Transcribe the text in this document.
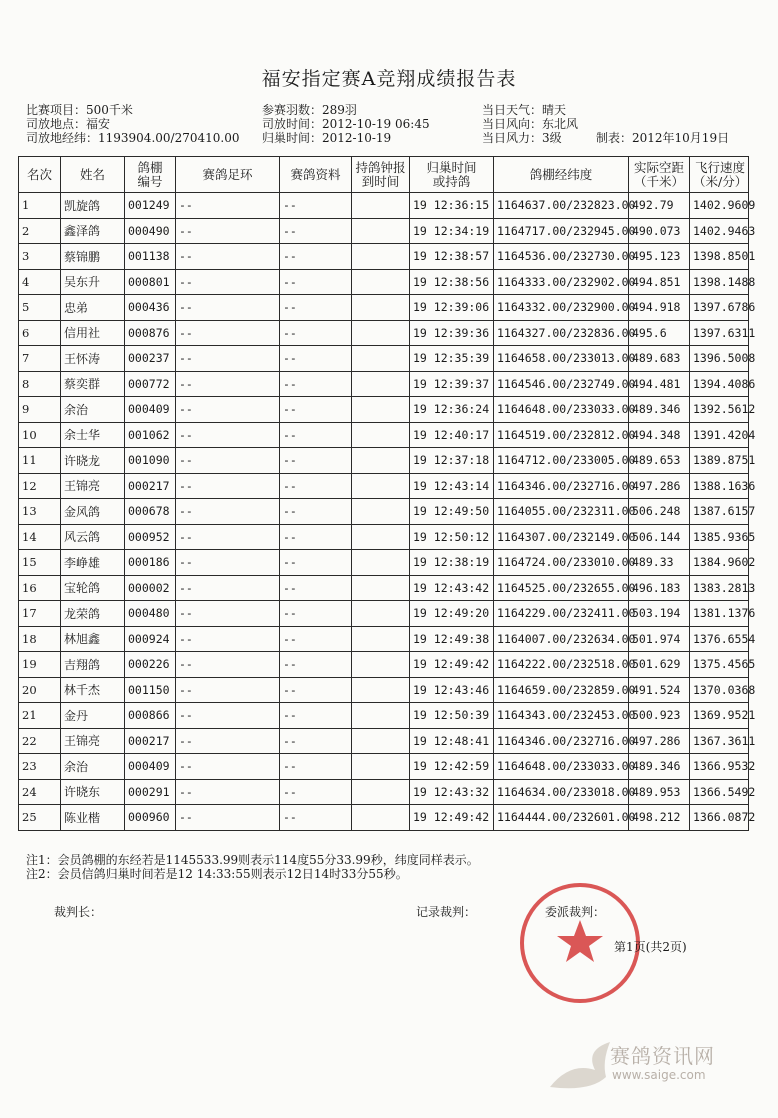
福安指定赛A竞翔成绩报告表
比赛项目：500千米
司放地点：福安
司放地经纬：1193904.00/270410.00
参赛羽数：289羽
司放时间：2012-10-19 06:45
归巢时间：2012-10-19
当日天气：晴天
当日风向：东北风
当日风力：3级	制表：2012年10月19日
名次	姓名	鸽棚编号	赛鸽足环	赛鸽资料	持鸽钟报到时间	归巢时间或持鸽	鸽棚经纬度	实际空距（千米）	飞行速度（米/分）

1	凯旋鸽	001249	--	--		19 12:36:15	1164637.00/232823.00	492.79	1402.9609
2	鑫泽鸽	000490	--	--		19 12:34:19	1164717.00/232945.00	490.073	1402.9463
3	蔡锦鹏	001138	--	--		19 12:38:57	1164536.00/232730.00	495.123	1398.8501
4	吴东升	000801	--	--		19 12:38:56	1164333.00/232902.00	494.851	1398.1488
5	忠弟	000436	--	--		19 12:39:06	1164332.00/232900.00	494.918	1397.6786
6	信用社	000876	--	--		19 12:39:36	1164327.00/232836.00	495.6	1397.6311
7	王怀涛	000237	--	--		19 12:35:39	1164658.00/233013.00	489.683	1396.5008
8	蔡奕群	000772	--	--		19 12:39:37	1164546.00/232749.00	494.481	1394.4086
9	余治	000409	--	--		19 12:36:24	1164648.00/233033.00	489.346	1392.5612
10	余士华	001062	--	--		19 12:40:17	1164519.00/232812.00	494.348	1391.4204
11	许晓龙	001090	--	--		19 12:37:18	1164712.00/233005.00	489.653	1389.8751
12	王锦亮	000217	--	--		19 12:43:14	1164346.00/232716.00	497.286	1388.1636
13	金风鸽	000678	--	--		19 12:49:50	1164055.00/232311.00	506.248	1387.6157
14	风云鸽	000952	--	--		19 12:50:12	1164307.00/232149.00	506.144	1385.9365
15	李峥雄	000186	--	--		19 12:38:19	1164724.00/233010.00	489.33	1384.9602
16	宝轮鸽	000002	--	--		19 12:43:42	1164525.00/232655.00	496.183	1383.2813
17	龙荣鸽	000480	--	--		19 12:49:20	1164229.00/232411.00	503.194	1381.1376
18	林旭鑫	000924	--	--		19 12:49:38	1164007.00/232634.00	501.974	1376.6554
19	吉翔鸽	000226	--	--		19 12:49:42	1164222.00/232518.00	501.629	1375.4565
20	林千杰	001150	--	--		19 12:43:46	1164659.00/232859.00	491.524	1370.0368
21	金丹	000866	--	--		19 12:50:39	1164343.00/232453.00	500.923	1369.9521
22	王锦亮	000217	--	--		19 12:48:41	1164346.00/232716.00	497.286	1367.3611
23	余治	000409	--	--		19 12:42:59	1164648.00/233033.00	489.346	1366.9532
24	许晓东	000291	--	--		19 12:43:32	1164634.00/233018.00	489.953	1366.5492
25	陈业楷	000960	--	--		19 12:49:42	1164444.00/232601.00	498.212	1366.0872
注1：会员鸽棚的东经若是1145533.99则表示114度55分33.99秒，纬度同样表示。
注2：会员信鸽归巢时间若是12 14:33:55则表示12日14时33分55秒。
裁判长：	记录裁判：	委派裁判：
第1页(共2页)
赛鸽资讯网
www.saige.com
